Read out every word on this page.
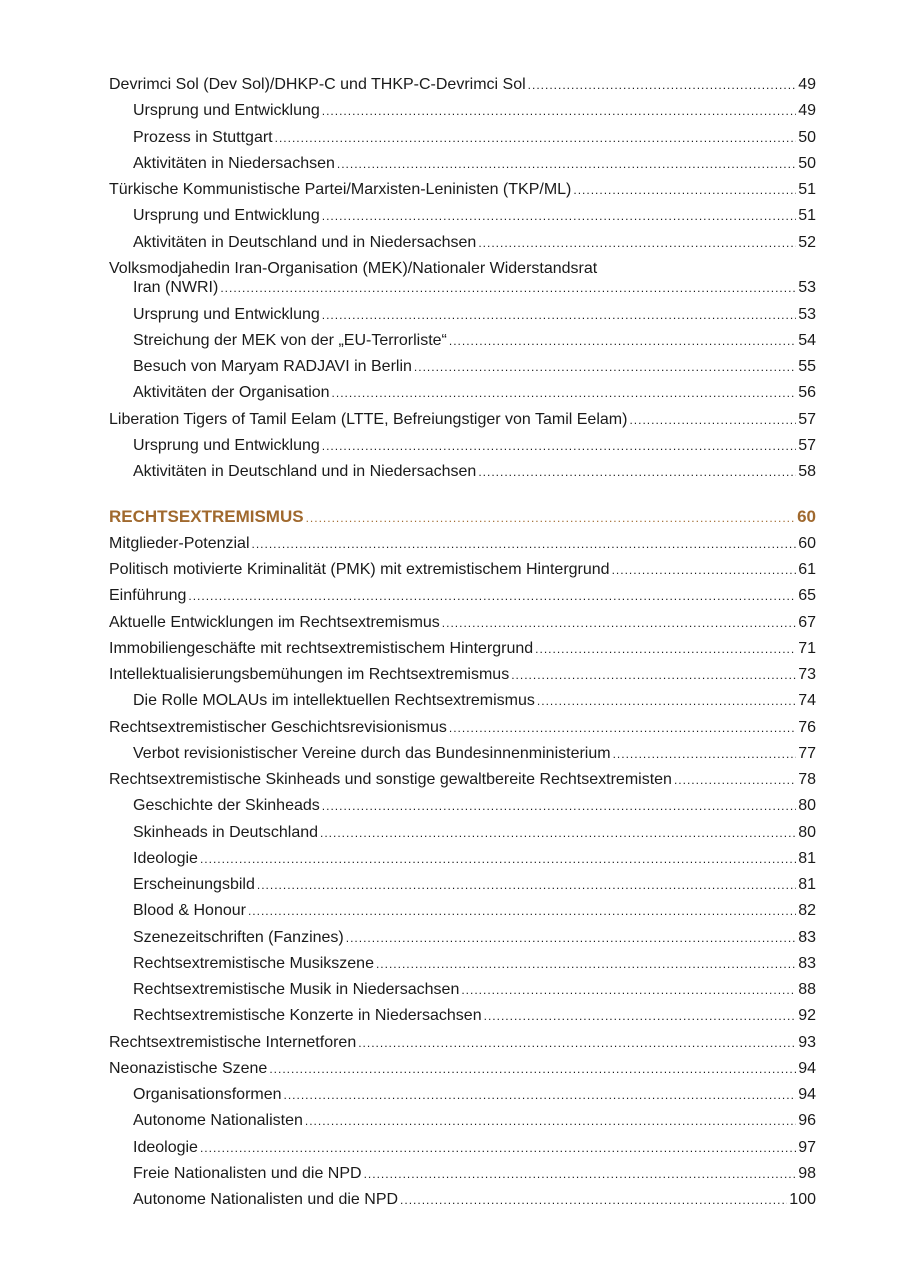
Devrimci Sol (Dev Sol)/DHKP-C und THKP-C-Devrimci Sol .....	49
Ursprung und Entwicklung .....	49
Prozess in Stuttgart .....	50
Aktivitäten in Niedersachsen .....	50
Türkische Kommunistische Partei/Marxisten-Leninisten (TKP/ML) .....	51
Ursprung und Entwicklung .....	51
Aktivitäten in Deutschland und in Niedersachsen .....	52
Volksmodjahedin Iran-Organisation (MEK)/Nationaler Widerstandsrat
Iran (NWRI) .....	53
Ursprung und Entwicklung .....	53
Streichung der MEK von der „EU-Terrorliste“ .....	54
Besuch von Maryam RADJAVI in Berlin .....	55
Aktivitäten der Organisation .....	56
Liberation Tigers of Tamil Eelam (LTTE, Befreiungstiger von Tamil Eelam) .....	57
Ursprung und Entwicklung .....	57
Aktivitäten in Deutschland und in Niedersachsen .....	58
RECHTSEXTREMISMUS .....	60
Mitglieder-Potenzial .....	60
Politisch motivierte Kriminalität (PMK) mit extremistischem Hintergrund .....	61
Einführung .....	65
Aktuelle Entwicklungen im Rechtsextremismus .....	67
Immobiliengeschäfte mit rechtsextremistischem Hintergrund .....	71
Intellektualisierungsbemühungen im Rechtsextremismus .....	73
Die Rolle MOLAUs im intellektuellen Rechtsextremismus .....	74
Rechtsextremistischer Geschichtsrevisionismus .....	76
Verbot revisionistischer Vereine durch das Bundesinnenministerium .....	77
Rechtsextremistische Skinheads und sonstige gewaltbereite Rechtsextremisten .....	78
Geschichte der Skinheads .....	80
Skinheads in Deutschland .....	80
Ideologie .....	81
Erscheinungsbild .....	81
Blood & Honour .....	82
Szenezeitschriften (Fanzines) .....	83
Rechtsextremistische Musikszene .....	83
Rechtsextremistische Musik in Niedersachsen .....	88
Rechtsextremistische Konzerte in Niedersachsen .....	92
Rechtsextremistische Internetforen .....	93
Neonazistische Szene .....	94
Organisationsformen .....	94
Autonome Nationalisten .....	96
Ideologie .....	97
Freie Nationalisten und die NPD .....	98
Autonome Nationalisten und die NPD .....	100
